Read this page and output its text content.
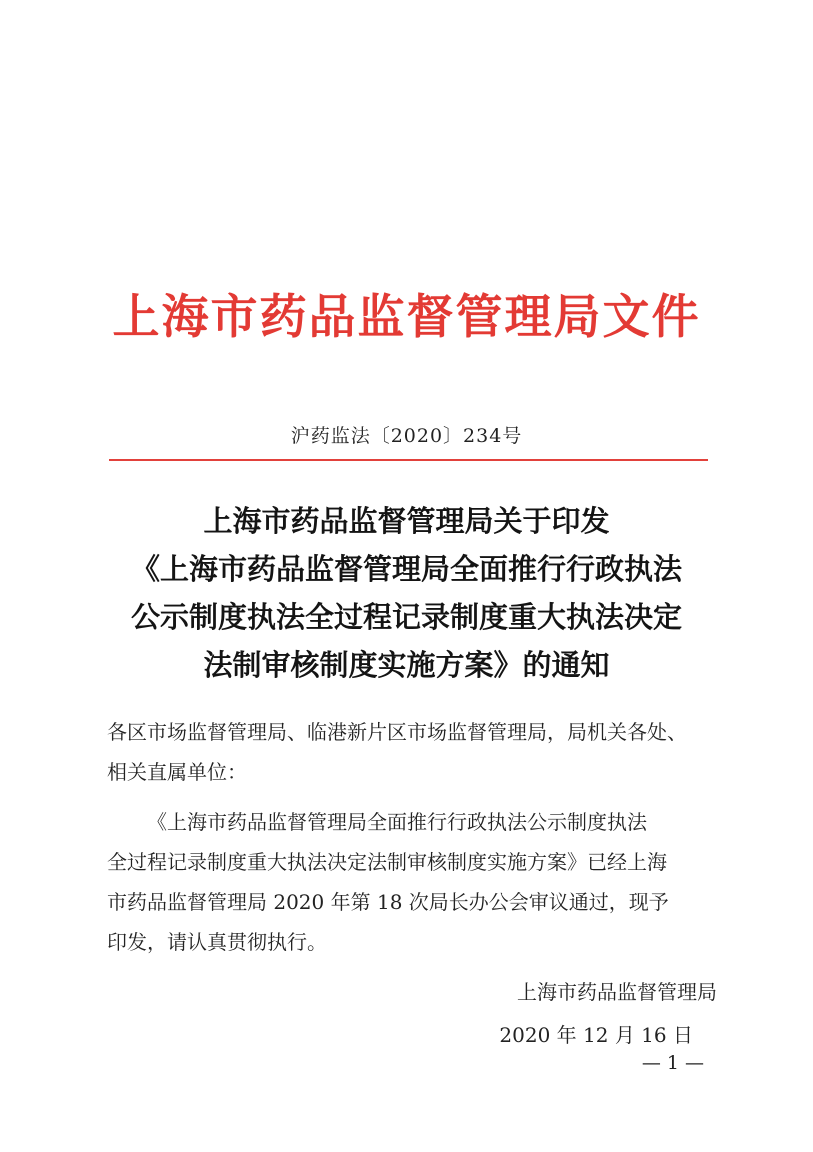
上海市药品监督管理局文件
沪药监法〔2020〕234号
上海市药品监督管理局关于印发
《上海市药品监督管理局全面推行行政执法
公示制度执法全过程记录制度重大执法决定
法制审核制度实施方案》的通知
各区市场监督管理局、临港新片区市场监督管理局，局机关各处、
相关直属单位：
《上海市药品监督管理局全面推行行政执法公示制度执法
全过程记录制度重大执法决定法制审核制度实施方案》已经上海
市药品监督管理局 2020 年第 18 次局长办公会审议通过，现予
印发，请认真贯彻执行。
上海市药品监督管理局
2020 年 12 月 16 日
— 1 —
